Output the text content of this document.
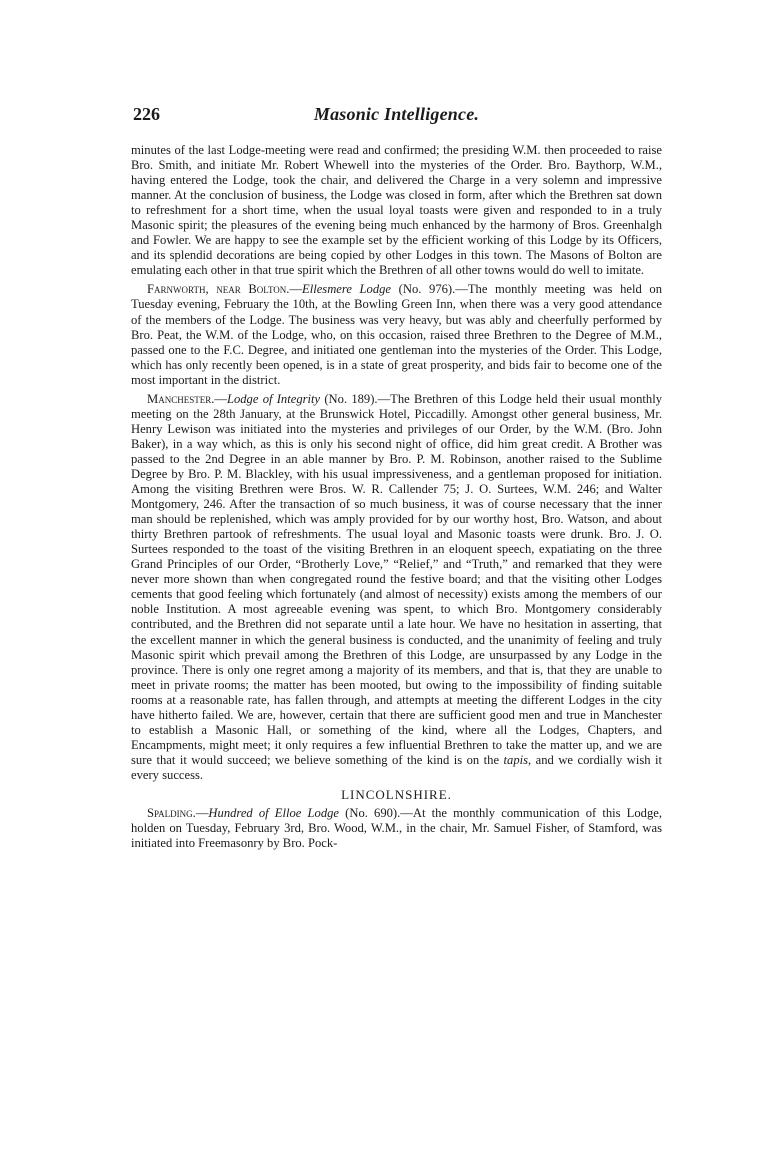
226	Masonic Intelligence.

minutes of the last Lodge-meeting were read and confirmed; the presiding W.M. then proceeded to raise Bro. Smith, and initiate Mr. Robert Whewell into the mysteries of the Order. Bro. Baythorp, W.M., having entered the Lodge, took the chair, and delivered the Charge in a very solemn and impressive manner. At the conclusion of business, the Lodge was closed in form, after which the Brethren sat down to refreshment for a short time, when the usual loyal toasts were given and responded to in a truly Masonic spirit; the pleasures of the evening being much enhanced by the harmony of Bros. Greenhalgh and Fowler. We are happy to see the example set by the efficient working of this Lodge by its Officers, and its splendid decorations are being copied by other Lodges in this town. The Masons of Bolton are emulating each other in that true spirit which the Brethren of all other towns would do well to imitate.

Farnworth, near Bolton.—Ellesmere Lodge (No. 976).—The monthly meeting was held on Tuesday evening, February the 10th, at the Bowling Green Inn, when there was a very good attendance of the members of the Lodge. The business was very heavy, but was ably and cheerfully performed by Bro. Peat, the W.M. of the Lodge, who, on this occasion, raised three Brethren to the Degree of M.M., passed one to the F.C. Degree, and initiated one gentleman into the mysteries of the Order. This Lodge, which has only recently been opened, is in a state of great prosperity, and bids fair to become one of the most important in the district.

Manchester.—Lodge of Integrity (No. 189).—The Brethren of this Lodge held their usual monthly meeting on the 28th January, at the Brunswick Hotel, Piccadilly. Amongst other general business, Mr. Henry Lewison was initiated into the mysteries and privileges of our Order, by the W.M. (Bro. John Baker), in a way which, as this is only his second night of office, did him great credit. A Brother was passed to the 2nd Degree in an able manner by Bro. P. M. Robinson, another raised to the Sublime Degree by Bro. P. M. Blackley, with his usual impressiveness, and a gentleman proposed for initiation. Among the visiting Brethren were Bros. W. R. Callender 75; J. O. Surtees, W.M. 246; and Walter Montgomery, 246. After the transaction of so much business, it was of course necessary that the inner man should be replenished, which was amply provided for by our worthy host, Bro. Watson, and about thirty Brethren partook of refreshments. The usual loyal and Masonic toasts were drunk. Bro. J. O. Surtees responded to the toast of the visiting Brethren in an eloquent speech, expatiating on the three Grand Principles of our Order, “Brotherly Love,” “Relief,” and “Truth,” and remarked that they were never more shown than when congregated round the festive board; and that the visiting other Lodges cements that good feeling which fortunately (and almost of necessity) exists among the members of our noble Institution. A most agreeable evening was spent, to which Bro. Montgomery considerably contributed, and the Brethren did not separate until a late hour. We have no hesitation in asserting, that the excellent manner in which the general business is conducted, and the unanimity of feeling and truly Masonic spirit which prevail among the Brethren of this Lodge, are unsurpassed by any Lodge in the province. There is only one regret among a majority of its members, and that is, that they are unable to meet in private rooms; the matter has been mooted, but owing to the impossibility of finding suitable rooms at a reasonable rate, has fallen through, and attempts at meeting the different Lodges in the city have hitherto failed. We are, however, certain that there are sufficient good men and true in Manchester to establish a Masonic Hall, or something of the kind, where all the Lodges, Chapters, and Encampments, might meet; it only requires a few influential Brethren to take the matter up, and we are sure that it would succeed; we believe something of the kind is on the tapis, and we cordially wish it every success.

LINCOLNSHIRE.

Spalding.—Hundred of Elloe Lodge (No. 690).—At the monthly communication of this Lodge, holden on Tuesday, February 3rd, Bro. Wood, W.M., in the chair, Mr. Samuel Fisher, of Stamford, was initiated into Freemasonry by Bro. Pock-
